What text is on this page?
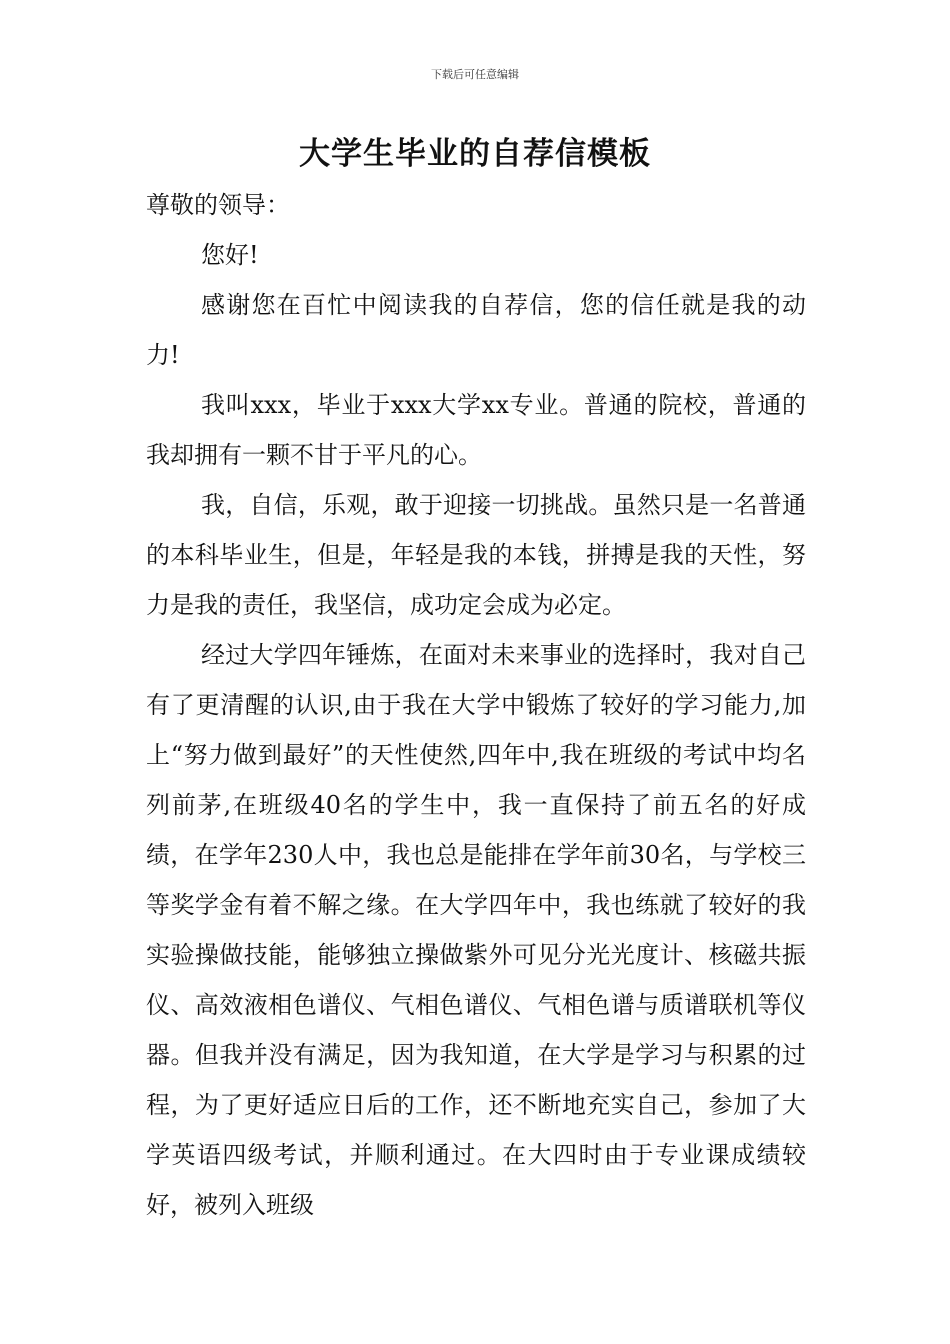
下载后可任意编辑
大学生毕业的自荐信模板

尊敬的领导：

您好!

感谢您在百忙中阅读我的自荐信，您的信任就是我的动力!

我叫xxx，毕业于xxx大学xx专业。普通的院校，普通的我却拥有一颗不甘于平凡的心。

我，自信，乐观，敢于迎接一切挑战。虽然只是一名普通的本科毕业生，但是，年轻是我的本钱，拼搏是我的天性，努力是我的责任，我坚信，成功定会成为必定。

经过大学四年锤炼，在面对未来事业的选择时，我对自己有了更清醒的认识,由于我在大学中锻炼了较好的学习能力,加上“努力做到最好”的天性使然,四年中,我在班级的考试中均名列前茅,在班级40名的学生中，我一直保持了前五名的好成绩，在学年230人中，我也总是能排在学年前30名，与学校三等奖学金有着不解之缘。在大学四年中，我也练就了较好的我实验操做技能，能够独立操做紫外可见分光光度计、核磁共振仪、高效液相色谱仪、气相色谱仪、气相色谱与质谱联机等仪器。但我并没有满足，因为我知道，在大学是学习与积累的过程，为了更好适应日后的工作，还不断地充实自己，参加了大学英语四级考试，并顺利通过。在大四时由于专业课成绩较好，被列入班级
